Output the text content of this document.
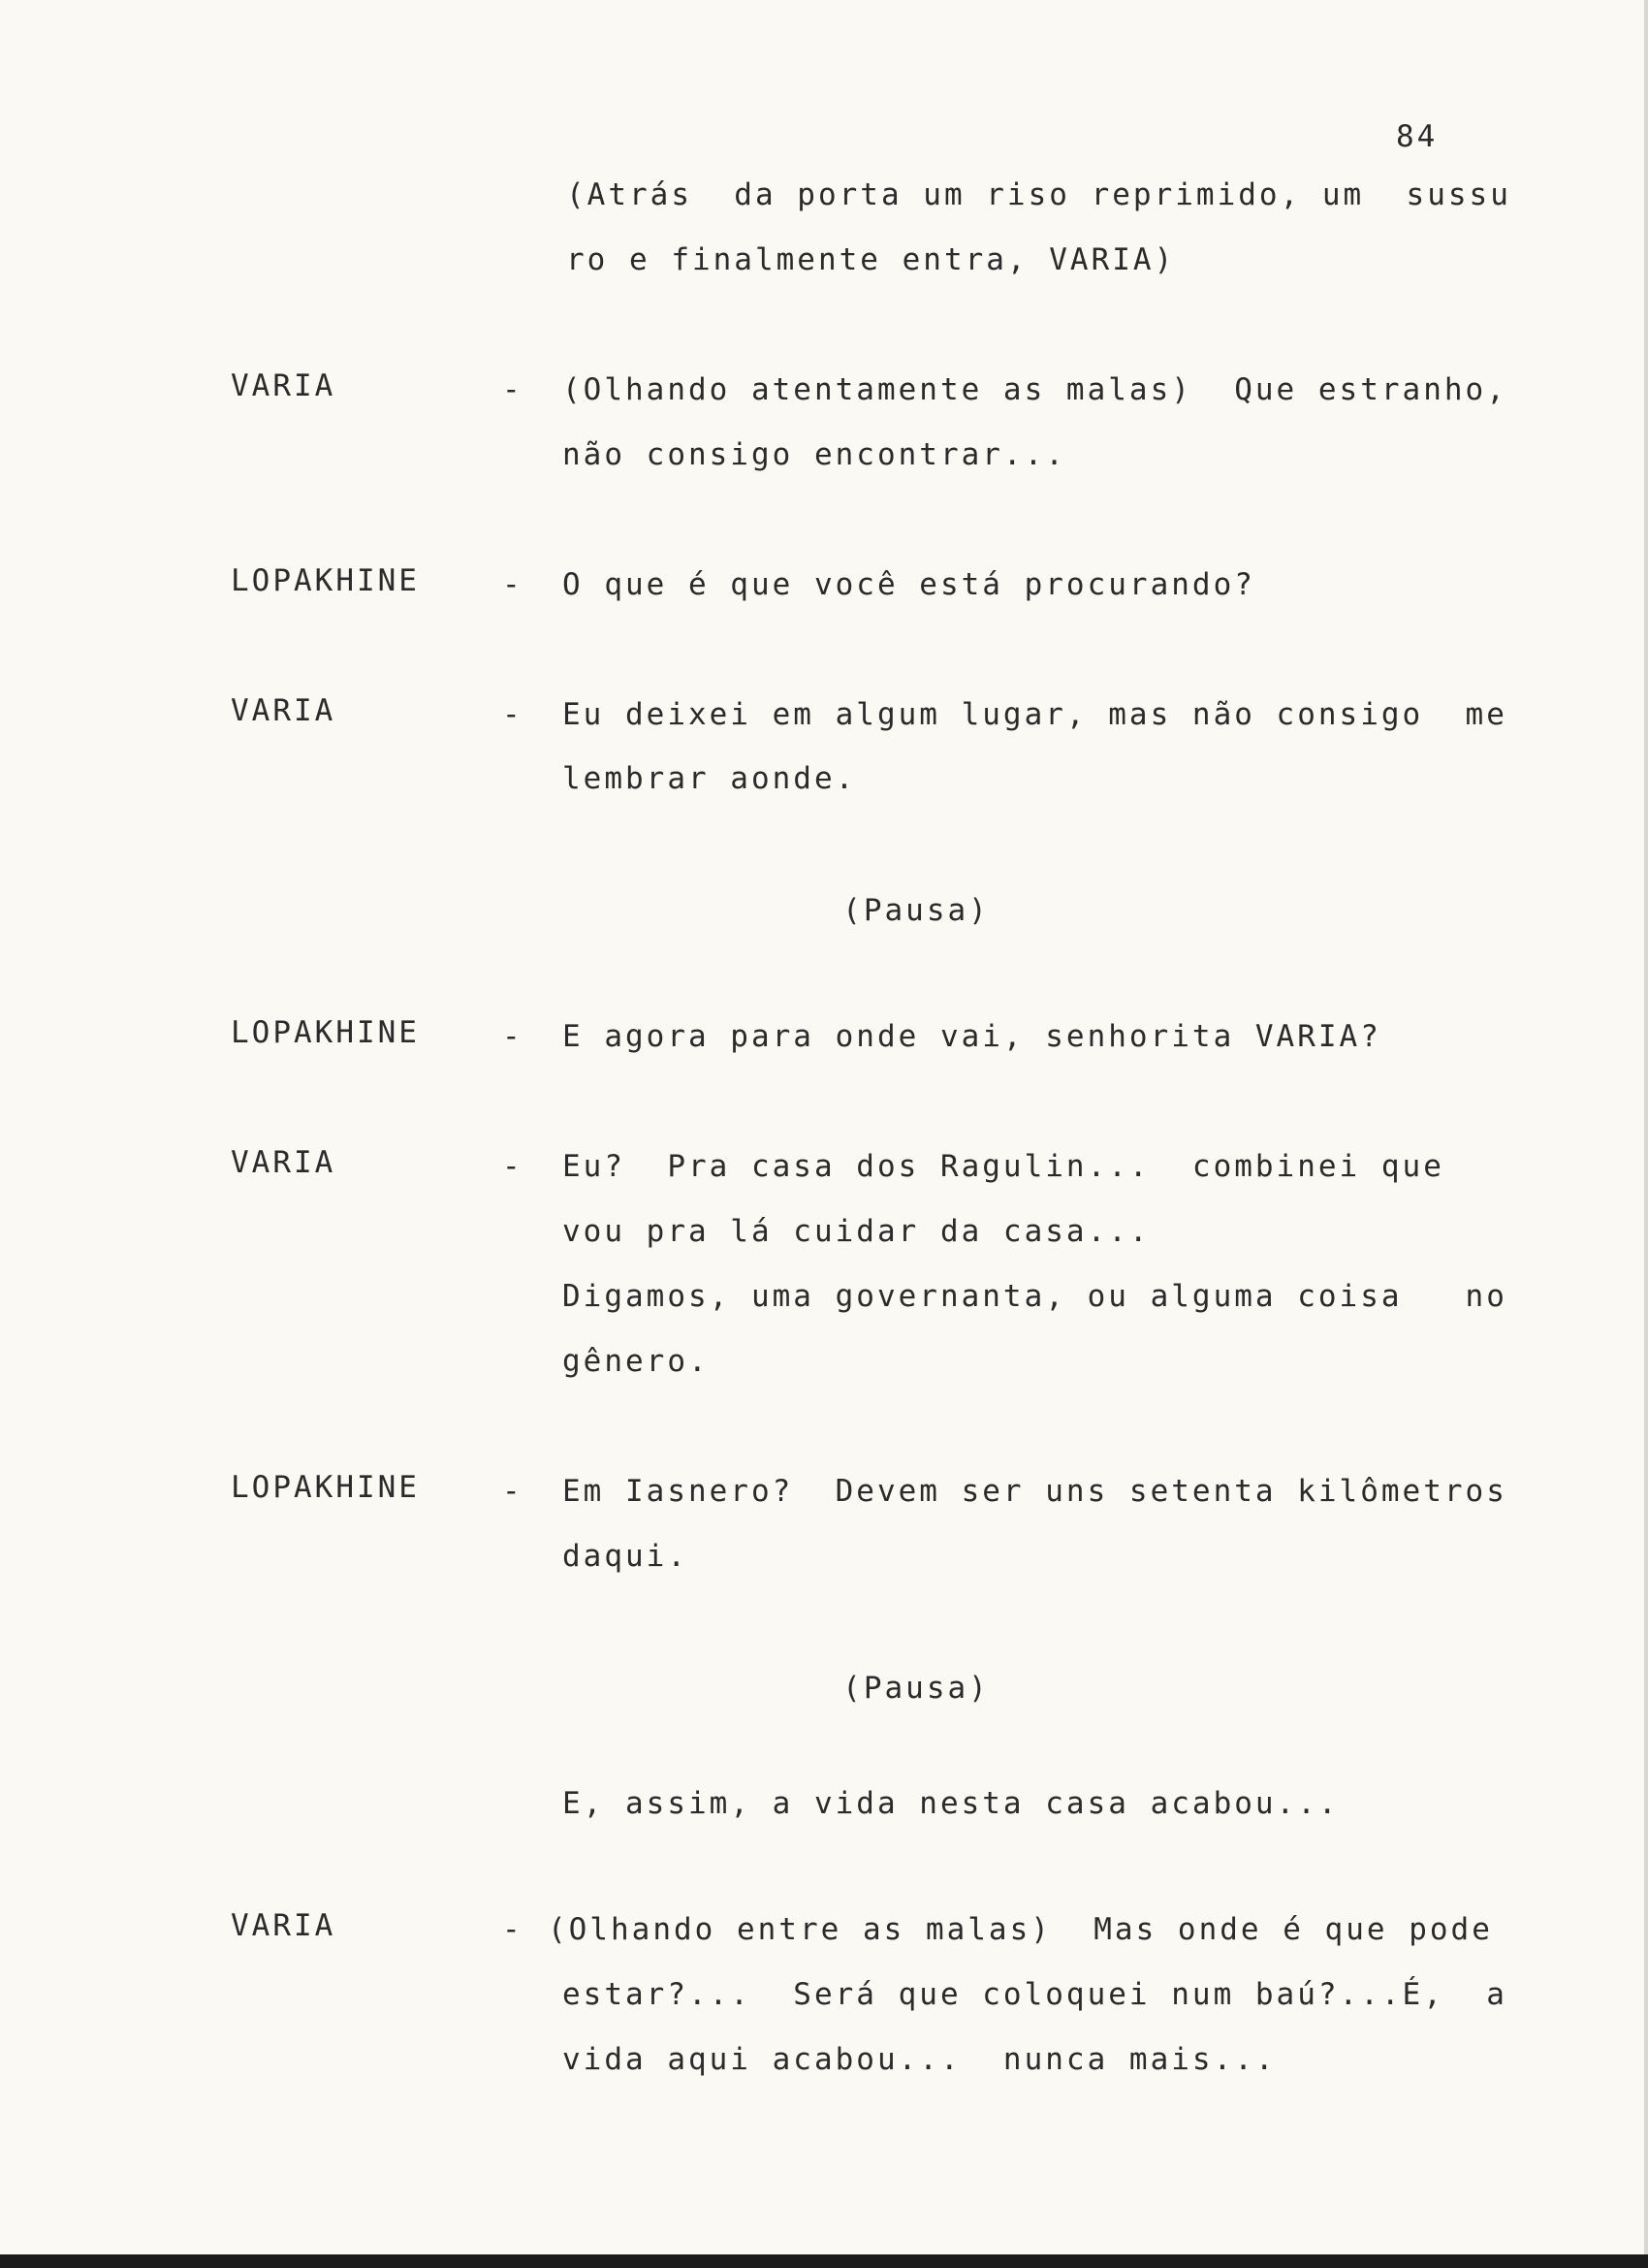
84
(Atrás  da porta um riso reprimido, um  sussu
ro e finalmente entra, VARIA)
VARIA	- (Olhando atentamente as malas)  Que estranho,
não consigo encontrar...
LOPAKHINE	- O que é que você está procurando?
VARIA	- Eu deixei em algum lugar, mas não consigo  me
lembrar aonde.
(Pausa)
LOPAKHINE	- E agora para onde vai, senhorita VARIA?
VARIA	- Eu?  Pra casa dos Ragulin...  combinei que
vou pra lá cuidar da casa...
Digamos, uma governanta, ou alguma coisa   no
gênero.
LOPAKHINE	- Em Iasnero?  Devem ser uns setenta kilômetros
daqui.
(Pausa)
E, assim, a vida nesta casa acabou...
VARIA	- (Olhando entre as malas)  Mas onde é que pode
estar?...  Será que coloquei num baú?...É,  a
vida aqui acabou...  nunca mais...
